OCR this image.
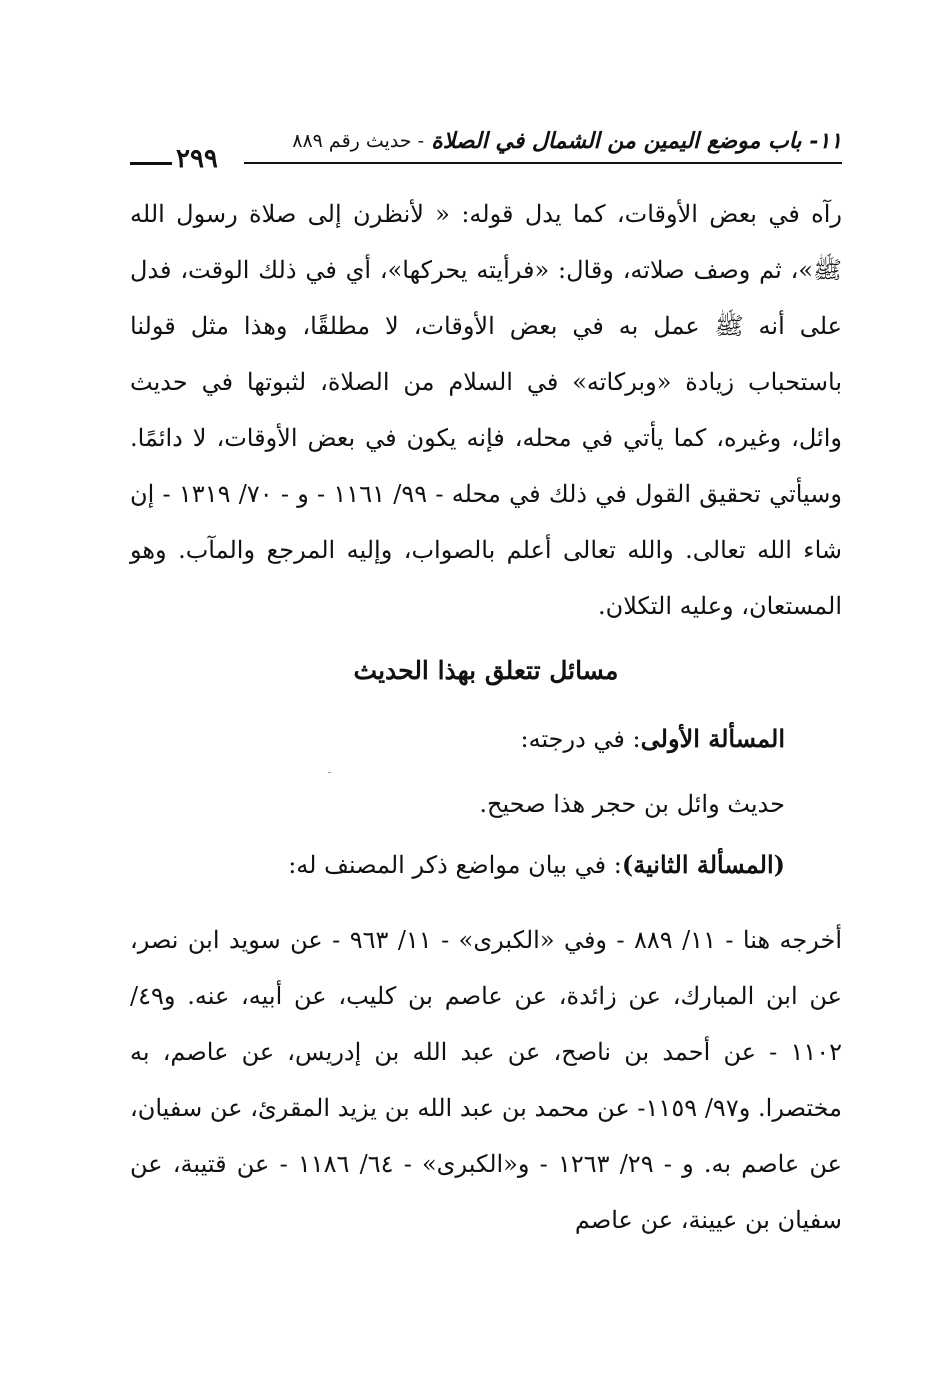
١١- باب موضع اليمين من الشمال في الصلاة
- حديث رقم ٨٨٩
٢٩٩
رآه في بعض الأوقات، كما يدل قوله: « لأنظرن إلى صلاة رسول الله ﷺ»، ثم وصف صلاته، وقال: «فرأيته يحركها»، أي في ذلك الوقت، فدل على أنه ﷺ عمل به في بعض الأوقات، لا مطلقًا، وهذا مثل قولنا باستحباب زيادة «وبركاته» في السلام من الصلاة، لثبوتها في حديث وائل، وغيره، كما يأتي في محله، فإنه يكون في بعض الأوقات، لا دائمًا. وسيأتي تحقيق القول في ذلك في محله - ٩٩/ ١١٦١ - و - ٧٠/ ١٣١٩ - إن شاء الله تعالى. والله تعالى أعلم بالصواب، وإليه المرجع والمآب. وهو المستعان، وعليه التكلان.
مسائل تتعلق بهذا الحديث
المسألة الأولى: في درجته:
حديث وائل بن حجر هذا صحيح.
(المسألة الثانية): في بيان مواضع ذكر المصنف له:
أخرجه هنا - ١١/ ٨٨٩ - وفي «الكبرى» - ١١/ ٩٦٣ - عن سويد ابن نصر، عن ابن المبارك، عن زائدة، عن عاصم بن كليب، عن أبيه، عنه. و٤٩/ ١١٠٢ - عن أحمد بن ناصح، عن عبد الله بن إدريس، عن عاصم، به مختصرا. و٩٧/ ١١٥٩- عن محمد بن عبد الله بن يزيد المقرئ، عن سفيان، عن عاصم به. و - ٢٩/ ١٢٦٣ - و«الكبرى» - ٦٤/ ١١٨٦ - عن قتيبة، عن سفيان بن عيينة، عن عاصم
